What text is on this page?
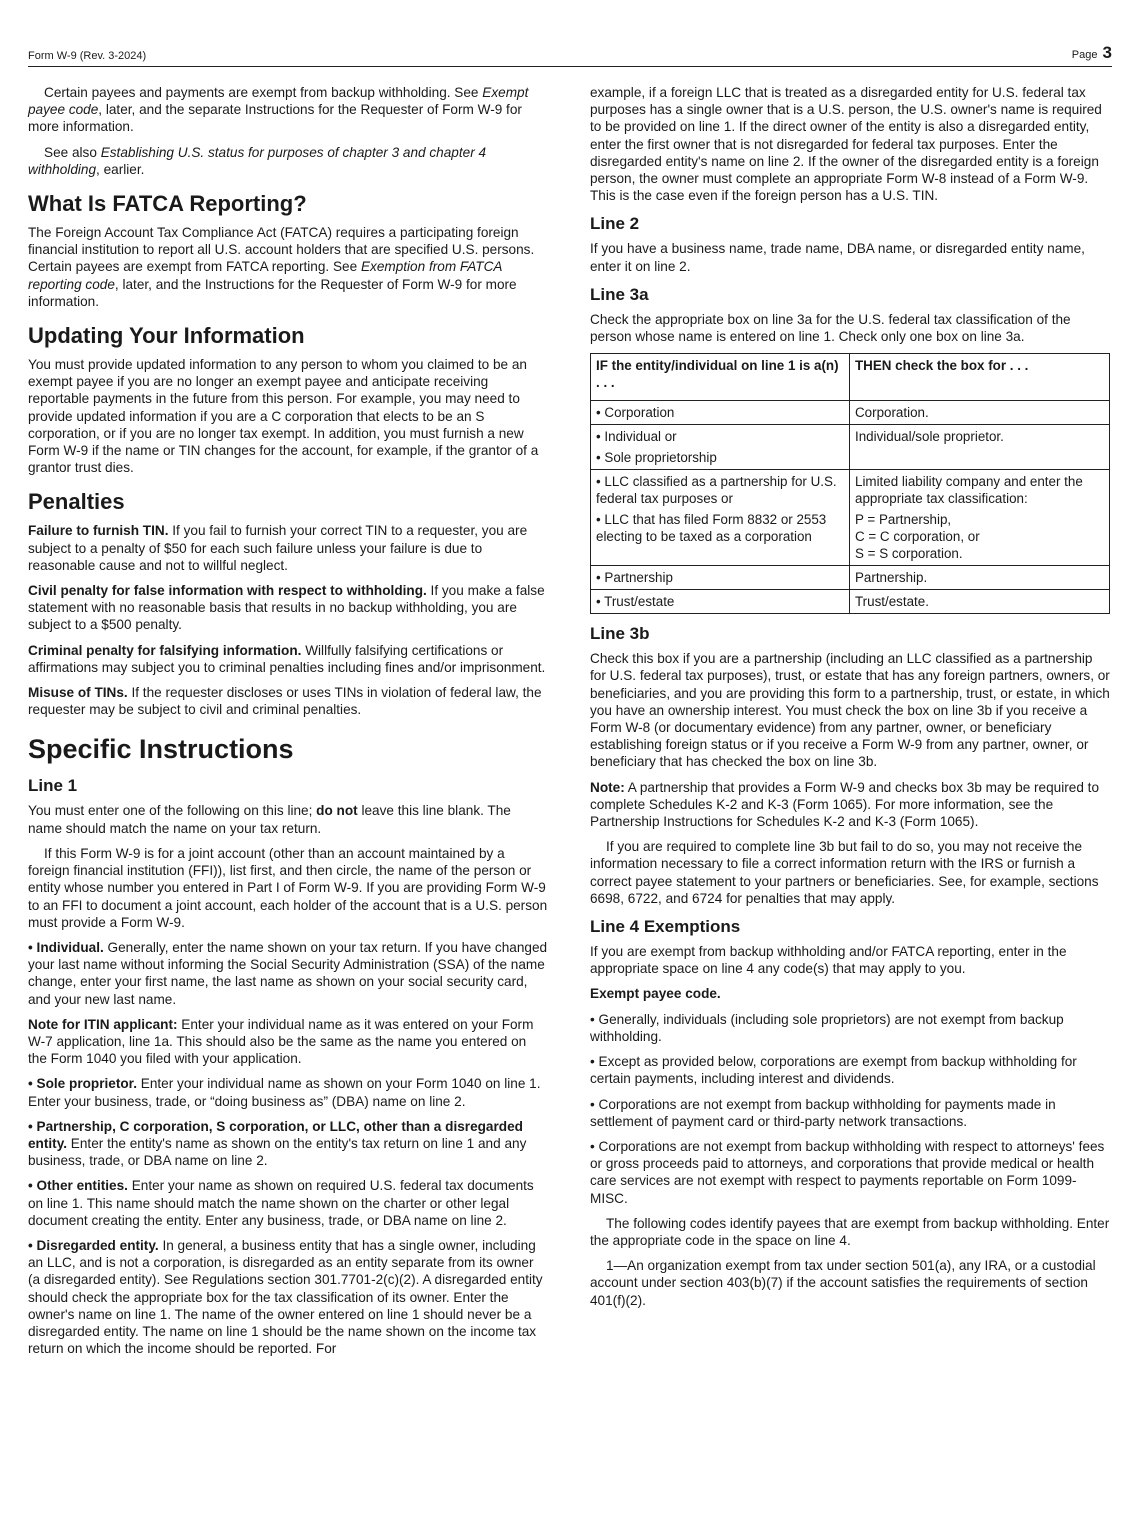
Form W-9 (Rev. 3-2024)	Page 3

Certain payees and payments are exempt from backup withholding. See Exempt payee code, later, and the separate Instructions for the Requester of Form W-9 for more information.

See also Establishing U.S. status for purposes of chapter 3 and chapter 4 withholding, earlier.

What Is FATCA Reporting?

The Foreign Account Tax Compliance Act (FATCA) requires a participating foreign financial institution to report all U.S. account holders that are specified U.S. persons. Certain payees are exempt from FATCA reporting. See Exemption from FATCA reporting code, later, and the Instructions for the Requester of Form W-9 for more information.

Updating Your Information

You must provide updated information to any person to whom you claimed to be an exempt payee if you are no longer an exempt payee and anticipate receiving reportable payments in the future from this person. For example, you may need to provide updated information if you are a C corporation that elects to be an S corporation, or if you are no longer tax exempt. In addition, you must furnish a new Form W-9 if the name or TIN changes for the account, for example, if the grantor of a grantor trust dies.

Penalties

Failure to furnish TIN. If you fail to furnish your correct TIN to a requester, you are subject to a penalty of $50 for each such failure unless your failure is due to reasonable cause and not to willful neglect.

Civil penalty for false information with respect to withholding. If you make a false statement with no reasonable basis that results in no backup withholding, you are subject to a $500 penalty.

Criminal penalty for falsifying information. Willfully falsifying certifications or affirmations may subject you to criminal penalties including fines and/or imprisonment.

Misuse of TINs. If the requester discloses or uses TINs in violation of federal law, the requester may be subject to civil and criminal penalties.

Specific Instructions
Line 1

You must enter one of the following on this line; do not leave this line blank. The name should match the name on your tax return.

If this Form W-9 is for a joint account (other than an account maintained by a foreign financial institution (FFI)), list first, and then circle, the name of the person or entity whose number you entered in Part I of Form W-9. If you are providing Form W-9 to an FFI to document a joint account, each holder of the account that is a U.S. person must provide a Form W-9.

• Individual. Generally, enter the name shown on your tax return. If you have changed your last name without informing the Social Security Administration (SSA) of the name change, enter your first name, the last name as shown on your social security card, and your new last name.

Note for ITIN applicant: Enter your individual name as it was entered on your Form W-7 application, line 1a. This should also be the same as the name you entered on the Form 1040 you filed with your application.

• Sole proprietor. Enter your individual name as shown on your Form 1040 on line 1. Enter your business, trade, or “doing business as” (DBA) name on line 2.

• Partnership, C corporation, S corporation, or LLC, other than a disregarded entity. Enter the entity's name as shown on the entity's tax return on line 1 and any business, trade, or DBA name on line 2.

• Other entities. Enter your name as shown on required U.S. federal tax documents on line 1. This name should match the name shown on the charter or other legal document creating the entity. Enter any business, trade, or DBA name on line 2.

• Disregarded entity. In general, a business entity that has a single owner, including an LLC, and is not a corporation, is disregarded as an entity separate from its owner (a disregarded entity). See Regulations section 301.7701-2(c)(2). A disregarded entity should check the appropriate box for the tax classification of its owner. Enter the owner's name on line 1. The name of the owner entered on line 1 should never be a disregarded entity. The name on line 1 should be the name shown on the income tax return on which the income should be reported. For

example, if a foreign LLC that is treated as a disregarded entity for U.S. federal tax purposes has a single owner that is a U.S. person, the U.S. owner's name is required to be provided on line 1. If the direct owner of the entity is also a disregarded entity, enter the first owner that is not disregarded for federal tax purposes. Enter the disregarded entity's name on line 2. If the owner of the disregarded entity is a foreign person, the owner must complete an appropriate Form W-8 instead of a Form W-9. This is the case even if the foreign person has a U.S. TIN.

Line 2

If you have a business name, trade name, DBA name, or disregarded entity name, enter it on line 2.

Line 3a

Check the appropriate box on line 3a for the U.S. federal tax classification of the person whose name is entered on line 1. Check only one box on line 3a.

IF the entity/individual on line 1 is a(n) . . .	THEN check the box for . . .
• Corporation	Corporation.

• Individual or
• Sole proprietorship	Individual/sole proprietor.

• LLC classified as a partnership for U.S. federal tax purposes or
• LLC that has filed Form 8832 or 2553 electing to be taxed as a corporation	Limited liability company and enter the appropriate tax classification:
P = Partnership,
C = C corporation, or
S = S corporation.

• Partnership	Partnership.
• Trust/estate	Trust/estate.
Line 3b

Check this box if you are a partnership (including an LLC classified as a partnership for U.S. federal tax purposes), trust, or estate that has any foreign partners, owners, or beneficiaries, and you are providing this form to a partnership, trust, or estate, in which you have an ownership interest. You must check the box on line 3b if you receive a Form W-8 (or documentary evidence) from any partner, owner, or beneficiary establishing foreign status or if you receive a Form W-9 from any partner, owner, or beneficiary that has checked the box on line 3b.

Note: A partnership that provides a Form W-9 and checks box 3b may be required to complete Schedules K-2 and K-3 (Form 1065). For more information, see the Partnership Instructions for Schedules K-2 and K-3 (Form 1065).

If you are required to complete line 3b but fail to do so, you may not receive the information necessary to file a correct information return with the IRS or furnish a correct payee statement to your partners or beneficiaries. See, for example, sections 6698, 6722, and 6724 for penalties that may apply.

Line 4 Exemptions

If you are exempt from backup withholding and/or FATCA reporting, enter in the appropriate space on line 4 any code(s) that may apply to you.

Exempt payee code.

• Generally, individuals (including sole proprietors) are not exempt from backup withholding.

• Except as provided below, corporations are exempt from backup withholding for certain payments, including interest and dividends.

• Corporations are not exempt from backup withholding for payments made in settlement of payment card or third-party network transactions.

• Corporations are not exempt from backup withholding with respect to attorneys' fees or gross proceeds paid to attorneys, and corporations that provide medical or health care services are not exempt with respect to payments reportable on Form 1099-MISC.

The following codes identify payees that are exempt from backup withholding. Enter the appropriate code in the space on line 4.

1—An organization exempt from tax under section 501(a), any IRA, or a custodial account under section 403(b)(7) if the account satisfies the requirements of section 401(f)(2).
